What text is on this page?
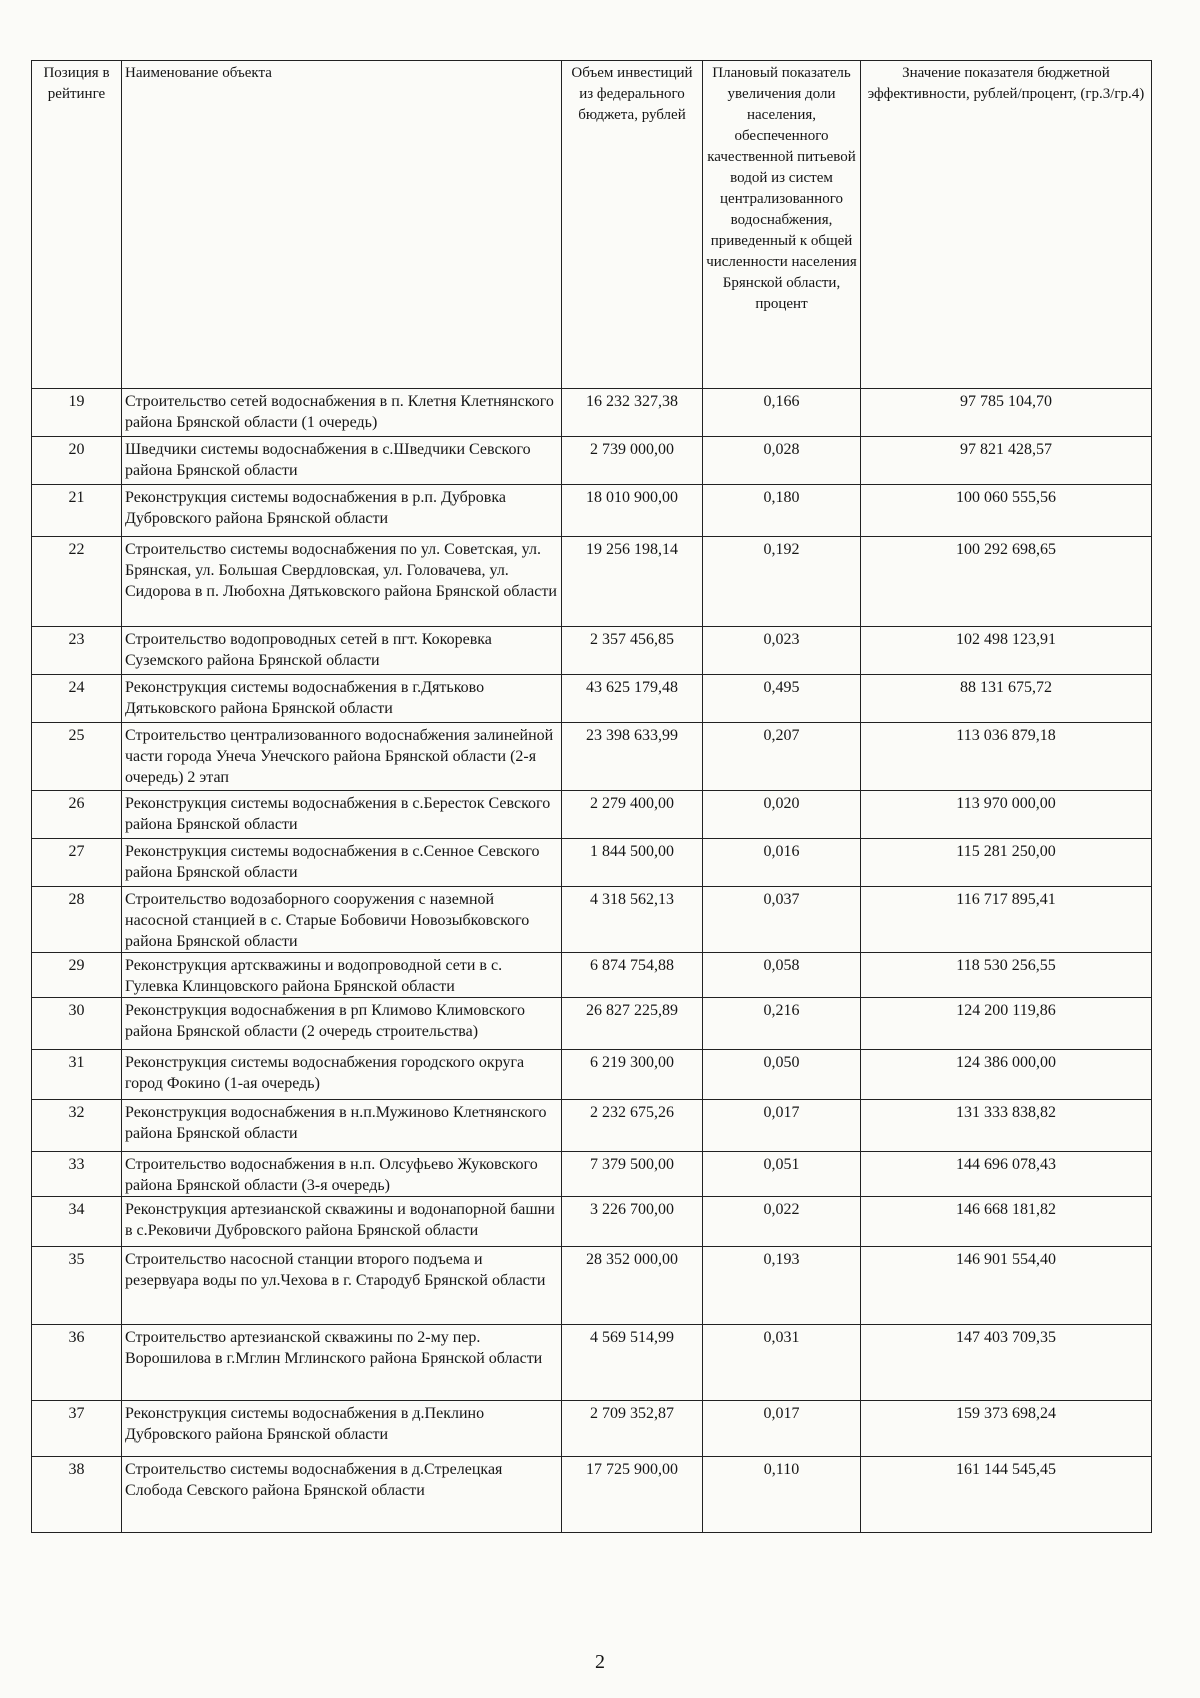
Позиция в рейтинге	Наименование объекта	Объем инвестиций из федерального бюджета, рублей	Плановый показатель увеличения доли населения, обеспеченного качественной питьевой водой из систем централизованного водоснабжения, приведенный к общей численности населения Брянской области, процент	Значение показателя бюджетной эффективности, рублей/процент, (гр.3/гр.4)
19	Строительство сетей водоснабжения в п. Клетня Клетнянского района Брянской области (1 очередь)	16 232 327,38	0,166	97 785 104,70
20	Шведчики системы водоснабжения в с.Шведчики Севского района Брянской области	2 739 000,00	0,028	97 821 428,57
21	Реконструкция системы водоснабжения в р.п. Дубровка Дубровского района Брянской области	18 010 900,00	0,180	100 060 555,56
22	Строительство системы водоснабжения по ул. Советская, ул. Брянская, ул. Большая Свердловская, ул. Головачева, ул. Сидорова в п. Любохна Дятьковского района Брянской области	19 256 198,14	0,192	100 292 698,65
23	Строительство водопроводных сетей в пгт. Кокоревка Суземского района Брянской области	2 357 456,85	0,023	102 498 123,91
24	Реконструкция системы водоснабжения в г.Дятьково Дятьковского района Брянской области	43 625 179,48	0,495	88 131 675,72
25	Строительство централизованного водоснабжения залинейной части города Унеча Унечского района Брянской области (2-я очередь) 2 этап	23 398 633,99	0,207	113 036 879,18
26	Реконструкция системы водоснабжения в с.Береcток Севского района Брянской области	2 279 400,00	0,020	113 970 000,00
27	Реконструкция системы водоснабжения в с.Сенное Севского района Брянской области	1 844 500,00	0,016	115 281 250,00
28	Строительство водозаборного сооружения с наземной насосной станцией в с. Старые Бобовичи Новозыбковского района Брянской области	4 318 562,13	0,037	116 717 895,41
29	Реконструкция артскважины и водопроводной сети в с. Гулевка Клинцовского района Брянской области	6 874 754,88	0,058	118 530 256,55
30	Реконструкция водоснабжения в рп Климово Климовского района Брянской области (2 очередь строительства)	26 827 225,89	0,216	124 200 119,86
31	Реконструкция системы водоснабжения городского округа город Фокино (1-ая очередь)	6 219 300,00	0,050	124 386 000,00
32	Реконструкция водоснабжения в н.п.Мужиново Клетнянского района Брянской области	2 232 675,26	0,017	131 333 838,82
33	Строительство водоснабжения в н.п. Олсуфьево Жуковского района Брянской области (3-я очередь)	7 379 500,00	0,051	144 696 078,43
34	Реконструкция артезианской скважины и водонапорной башни в с.Рековичи Дубровского района Брянской области	3 226 700,00	0,022	146 668 181,82
35	Строительство насосной станции второго подъема и резервуара воды по ул.Чехова в г. Стародуб Брянской области	28 352 000,00	0,193	146 901 554,40
36	Строительство артезианской скважины по 2-му пер. Ворошилова в г.Мглин Мглинского района Брянской области	4 569 514,99	0,031	147 403 709,35
37	Реконструкция системы водоснабжения в д.Пеклино Дубровского района Брянской области	2 709 352,87	0,017	159 373 698,24
38	Строительство системы водоснабжения в д.Стрелецкая Слобода Севского района Брянской области	17 725 900,00	0,110	161 144 545,45
2
